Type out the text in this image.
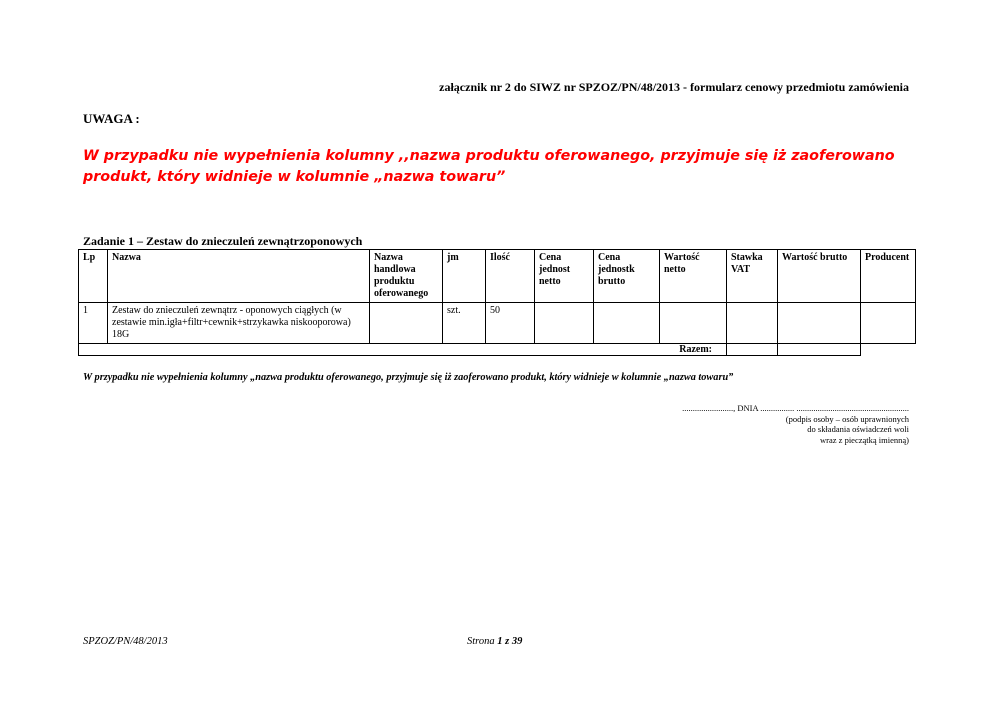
załącznik nr 2 do SIWZ nr SPZOZ/PN/48/2013 - formularz cenowy przedmiotu zamówienia
UWAGA :
W przypadku nie wypełnienia kolumny ,,nazwa produktu oferowanego, przyjmuje się iż zaoferowano
produkt, który widnieje w kolumnie „nazwa towaru”
Zadanie 1 – Zestaw do znieczuleń zewnątrzoponowych
Lp	Nazwa	Nazwa handlowa produktu oferowanego	jm	Ilość	Cena jednost netto	Cena jednostk brutto	Wartość netto	Stawka VAT	Wartość brutto	Producent
1	Zestaw do znieczuleń zewnątrz - oponowych ciągłych (w zestawie min.igła+filtr+cewnik+strzykawka niskooporowa) 18G		szt.	50						
Razem:										
W przypadku nie wypełnienia kolumny „nazwa produktu oferowanego, przyjmuje się iż zaoferowano produkt, który widnieje w kolumnie „nazwa towaru”
........................, DNIA ................ .....................................................
(podpis osoby – osób uprawnionych
do składania oświadczeń woli
wraz z pieczątką imienną)
SPZOZ/PN/48/2013	Strona 1 z 39
